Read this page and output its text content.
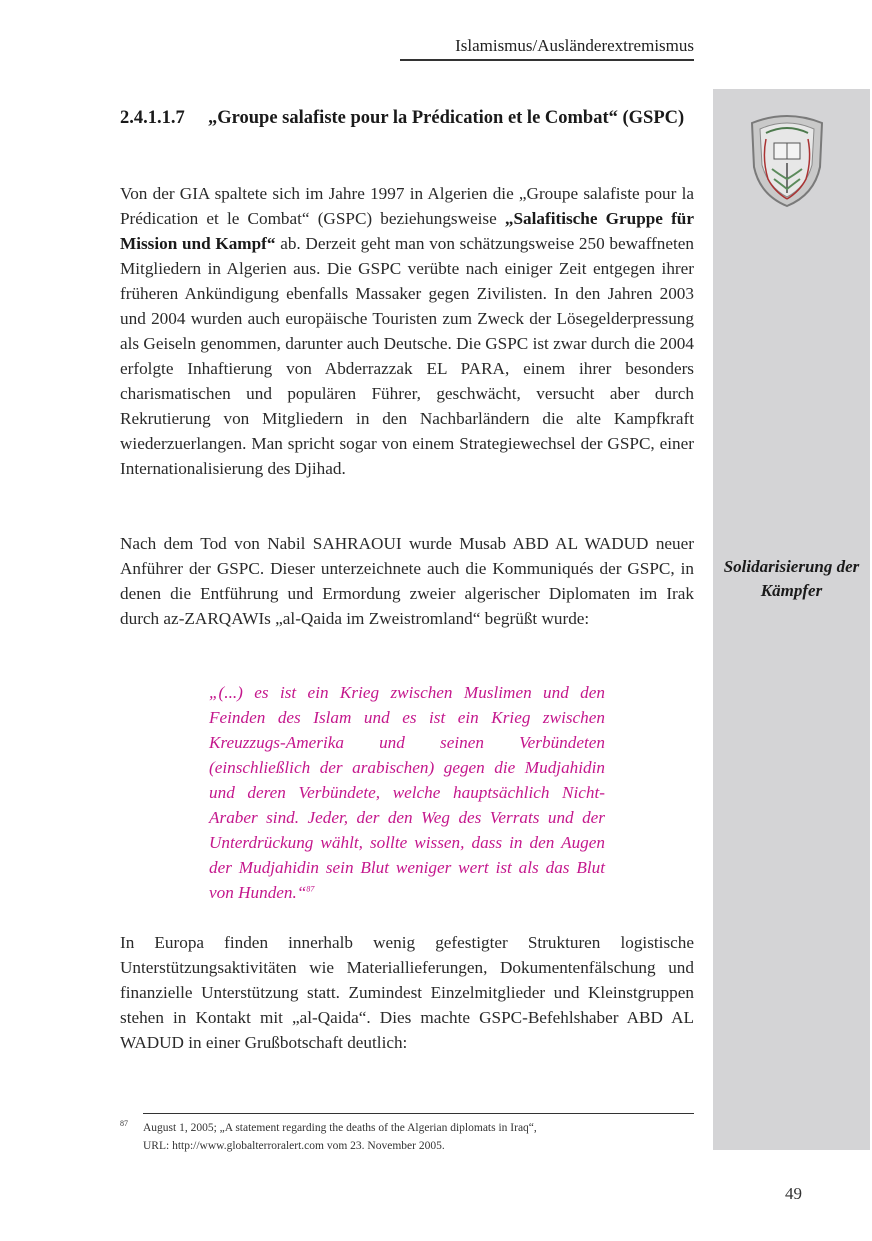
Islamismus/Ausländerextremismus

Solidarisierung der Kämpfer

2.4.1.1.7 „Groupe salafiste pour la Prédication et le Combat“ (GSPC)

Von der GIA spaltete sich im Jahre 1997 in Algerien die „Groupe salafiste pour la Prédication et le Combat“ (GSPC) beziehungsweise „Salafitische Gruppe für Mission und Kampf“ ab. Derzeit geht man von schätzungsweise 250 bewaffneten Mitgliedern in Algerien aus. Die GSPC verübte nach einiger Zeit entgegen ihrer früheren Ankündigung ebenfalls Massaker gegen Zivilisten. In den Jahren 2003 und 2004 wurden auch europäische Touristen zum Zweck der Lösegelderpressung als Geiseln genommen, darunter auch Deutsche. Die GSPC ist zwar durch die 2004 erfolgte Inhaftierung von Abderrazzak EL PARA, einem ihrer besonders charismatischen und populären Führer, geschwächt, versucht aber durch Rekrutierung von Mitgliedern in den Nachbarländern die alte Kampfkraft wiederzuerlangen. Man spricht sogar von einem Strategiewechsel der GSPC, einer Internationalisierung des Djihad.

Nach dem Tod von Nabil SAHRAOUI wurde Musab ABD AL WADUD neuer Anführer der GSPC. Dieser unterzeichnete auch die Kommuniqués der GSPC, in denen die Entführung und Ermordung zweier algerischer Diplomaten im Irak durch az-ZARQAWIs „al-Qaida im Zweistromland“ begrüßt wurde:

„(...) es ist ein Krieg zwischen Muslimen und den Feinden des Islam und es ist ein Krieg zwischen Kreuzzugs-Amerika und seinen Verbündeten (einschließlich der arabischen) gegen die Mudjahidin und deren Verbündete, welche hauptsächlich Nicht-Araber sind. Jeder, der den Weg des Verrats und der Unterdrückung wählt, sollte wissen, dass in den Augen der Mudjahidin sein Blut weniger wert ist als das Blut von Hunden.“$^{87}$

In Europa finden innerhalb wenig gefestigter Strukturen logistische Unterstützungsaktivitäten wie Materiallieferungen, Dokumentenfälschung und finanzielle Unterstützung statt. Zumindest Einzelmitglieder und Kleinstgruppen stehen in Kontakt mit „al-Qaida“. Dies machte GSPC-Befehlshaber ABD AL WADUD in einer Grußbotschaft deutlich:

87 August 1, 2005; „A statement regarding the deaths of the Algerian diplomats in Iraq“,
URL: http://www.globalterroralert.com vom 23. November 2005.

49
